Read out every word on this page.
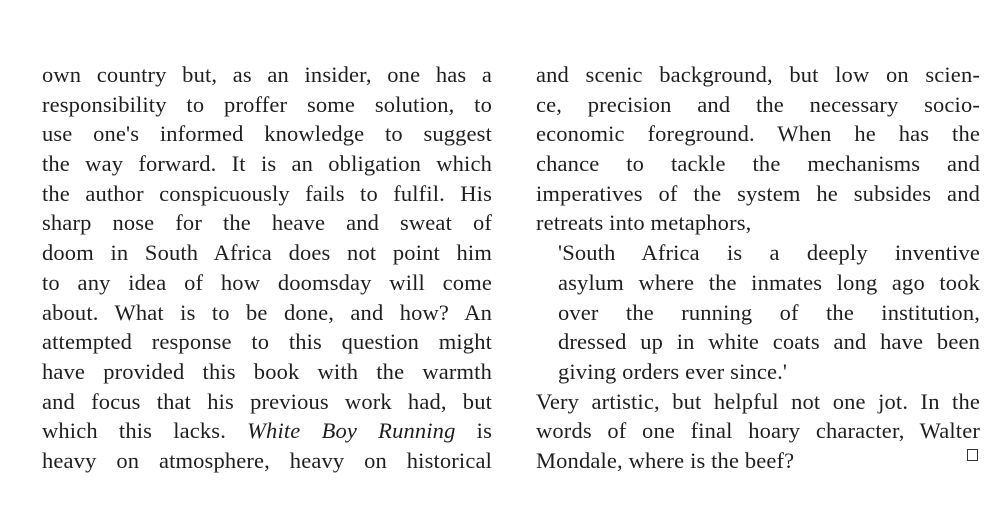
own country but, as an insider, one has a
responsibility to proffer some solution, to
use one's informed knowledge to suggest
the way forward. It is an obligation which
the author conspicuously fails to fulfil. His
sharp nose for the heave and sweat of
doom in South Africa does not point him
to any idea of how doomsday will come
about. What is to be done, and how? An
attempted response to this question might
have provided this book with the warmth
and focus that his previous work had, but
which this lacks. White Boy Running is
heavy on atmosphere, heavy on historical
and scenic background, but low on scien-
ce, precision and the necessary socio-
economic foreground. When he has the
chance to tackle the mechanisms and
imperatives of the system he subsides and
retreats into metaphors,
'South Africa is a deeply inventive
asylum where the inmates long ago took
over the running of the institution,
dressed up in white coats and have been
giving orders ever since.'
Very artistic, but helpful not one jot. In the
words of one final hoary character, Walter
Mondale, where is the beef?
